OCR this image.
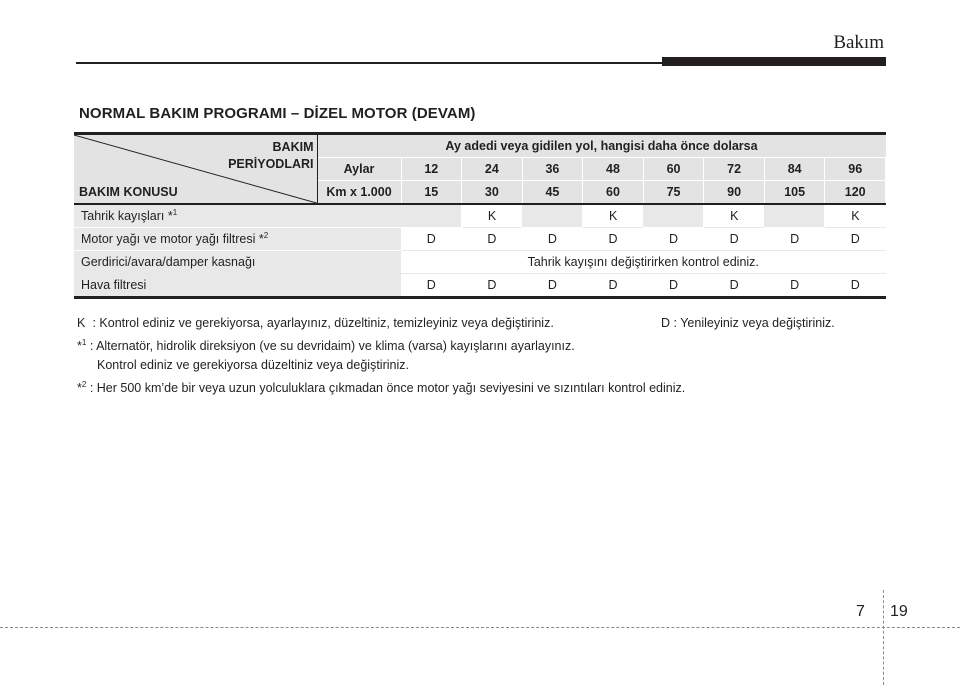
Bakım
NORMAL BAKIM PROGRAMI – DİZEL MOTOR (DEVAM)
BAKIM
PERİYODLARI
BAKIM KONUSU	Ay adedi veya gidilen yol, hangisi daha önce dolarsa								
	Aylar	12	24	36	48	60	72	84	96
	Km x 1.000	15	30	45	60	75	90	105	120
Tahrik kayışları *$^1$			K		K		K		K
Motor yağı ve motor yağı filtresi *$^2$		D	D	D	D	D	D	D	D
Gerdirici/avara/damper kasnağı		Tahrik kayışını değiştirirken kontrol ediniz.							
Hava filtresi		D	D	D	D	D	D	D	D
K : Kontrol ediniz ve gerekiyorsa, ayarlayınız, düzeltiniz, temizleyiniz veya değiştiriniz.	D : Yenileyiniz veya değiştiriniz.
*$^1$ : Alternatör, hidrolik direksiyon (ve su devridaim) ve klima (varsa) kayışlarını ayarlayınız.
Kontrol ediniz ve gerekiyorsa düzeltiniz veya değiştiriniz.
*$^2$ : Her 500 km’de bir veya uzun yolculuklara çıkmadan önce motor yağı seviyesini ve sızıntıları kontrol ediniz.
7 19
